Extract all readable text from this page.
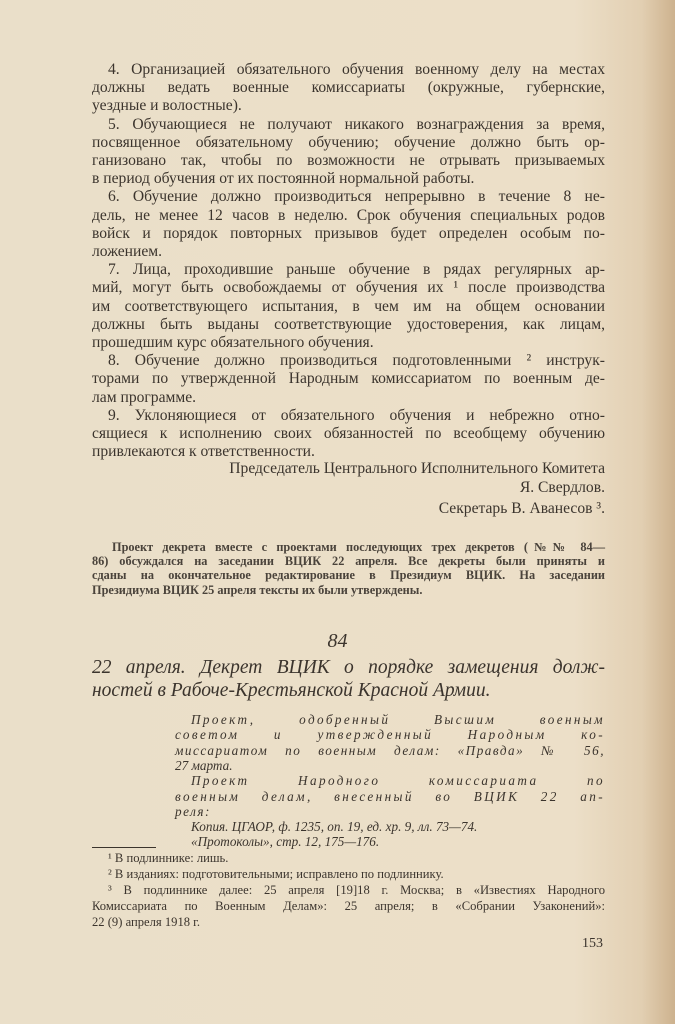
4. Организацией обязательного обучения военному делу на местах
должны ведать военные комиссариаты (окружные, губернские,
уездные и волостные).
5. Обучающиеся не получают никакого вознаграждения за время,
посвященное обязательному обучению; обучение должно быть ор-
ганизовано так, чтобы по возможности не отрывать призываемых
в период обучения от их постоянной нормальной работы.
6. Обучение должно производиться непрерывно в течение 8 не-
дель, не менее 12 часов в неделю. Срок обучения специальных родов
войск и порядок повторных призывов будет определен особым по-
ложением.
7. Лица, проходившие раньше обучение в рядах регулярных ар-
мий, могут быть освобождаемы от обучения их ¹ после производства
им соответствующего испытания, в чем им на общем основании
должны быть выданы соответствующие удостоверения, как лицам,
прошедшим курс обязательного обучения.
8. Обучение должно производиться подготовленными ² инструк-
торами по утвержденной Народным комиссариатом по военным де-
лам программе.
9. Уклоняющиеся от обязательного обучения и небрежно отно-
сящиеся к исполнению своих обязанностей по всеобщему обучению
привлекаются к ответственности.
Председатель Центрального Исполнительного Комитета
Я. Свердлов.
Секретарь В. Аванесов ³.
Проект декрета вместе с проектами последующих трех декретов (№№ 84—
86) обсуждался на заседании ВЦИК 22 апреля. Все декреты были приняты и
сданы на окончательное редактирование в Президиум ВЦИК. На заседании
Президиума ВЦИК 25 апреля тексты их были утверждены.
84
22 апреля. Декрет ВЦИК о порядке замещения долж-
ностей в Рабоче-Крестьянской Красной Армии.
Проект, одобренный Высшим военным
советом и утвержденный Народным ко-
миссариатом по военным делам: «Правда» № 56,
27 марта.
Проект Народного комиссариата по
военным делам, внесенный во ВЦИК 22 ап-
реля:
Копия. ЦГАОР, ф. 1235, оп. 19, ед. хр. 9, лл. 73—74.
«Протоколы», стр. 12, 175—176.
¹ В подлиннике: лишь.
² В изданиях: подготовительными; исправлено по подлиннику.
³ В подлиннике далее: 25 апреля [19]18 г. Москва; в «Известиях Народного
Комиссариата по Военным Делам»: 25 апреля; в «Собрании Узаконений»:
22 (9) апреля 1918 г.
153
